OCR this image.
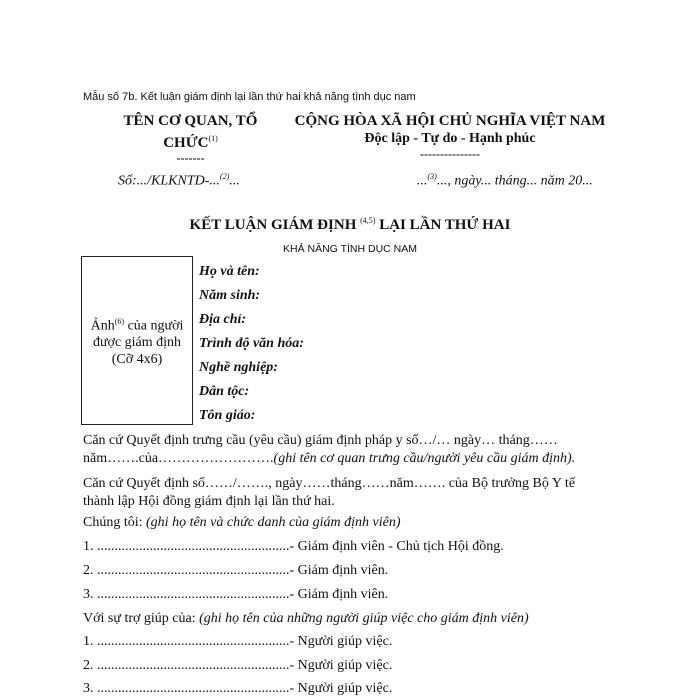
Mẫu số 7b. Kết luận giám định lại lần thứ hai khả năng tình dục nam
TÊN CƠ QUAN, TỔ CHỨC$^{(1)}$
-------
CỘNG HÒA XÃ HỘI CHỦ NGHĨA VIỆT NAM
Độc lập - Tự do - Hạnh phúc
---------------
Số:.../KLKNTD-...$^{(2)}$...	...$^{(3)}$..., ngày... tháng... năm 20...
KẾT LUẬN GIÁM ĐỊNH $^{(4,5)}$ LẠI LẦN THỨ HAI
KHẢ NĂNG TÌNH DỤC NAM
Ảnh$^{(6)}$ của người được giám định
(Cỡ 4x6)
Họ và tên:
Năm sinh:
Địa chỉ:
Trình độ văn hóa:
Nghề nghiệp:
Dân tộc:
Tôn giáo:
Căn cứ Quyết định trưng cầu (yêu cầu) giám định pháp y số…/… ngày… tháng……
năm…….của…………………….(ghi tên cơ quan trưng cầu/người yêu cầu giám định).
Căn cứ Quyết định số……/……., ngày……tháng……năm……. của Bộ trưởng Bộ Y tế
thành lập Hội đồng giám định lại lần thứ hai.
Chúng tôi: (ghi họ tên và chức danh của giám định viên)
1. .......................................................- Giám định viên - Chủ tịch Hội đồng.
2. .......................................................- Giám định viên.
3. .......................................................- Giám định viên.
Với sự trợ giúp của: (ghi họ tên của những người giúp việc cho giám định viên)
1. .......................................................- Người giúp việc.
2. .......................................................- Người giúp việc.
3. .......................................................- Người giúp việc.
